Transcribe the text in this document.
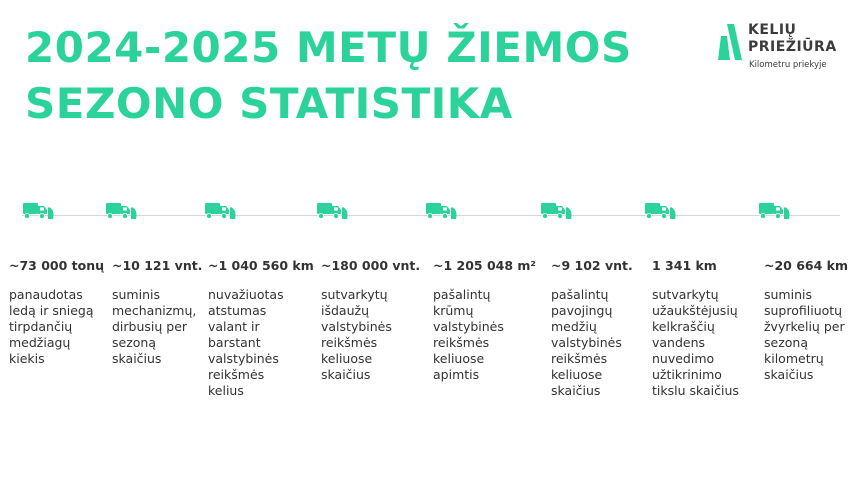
2024-2025 METŲ ŽIEMOS
SEZONO STATISTIKA
KELIŲ
PRIEŽIŪRA
Kilometru priekyje
~73 000 tonų
panaudotas
ledą ir sniegą
tirpdančių
medžiagų
kiekis
~10 121 vnt.
suminis
mechanizmų,
dirbusių per
sezoną
skaičius
~1 040 560 km
nuvažiuotas
atstumas
valant ir
barstant
valstybinės
reikšmės
kelius
~180 000 vnt.
sutvarkytų
išdaužų
valstybinės
reikšmės
keliuose
skaičius
~1 205 048 m²
pašalintų
krūmų
valstybinės
reikšmės
keliuose
apimtis
~9 102 vnt.
pašalintų
pavojingų
medžių
valstybinės
reikšmės
keliuose
skaičius
1 341 km
sutvarkytų
užaukštėjusių
kelkraščių
vandens
nuvedimo
užtikrinimo
tikslu skaičius
~20 664 km
suminis
suprofiliuotų
žvyrkelių per
sezoną
kilometrų
skaičius
